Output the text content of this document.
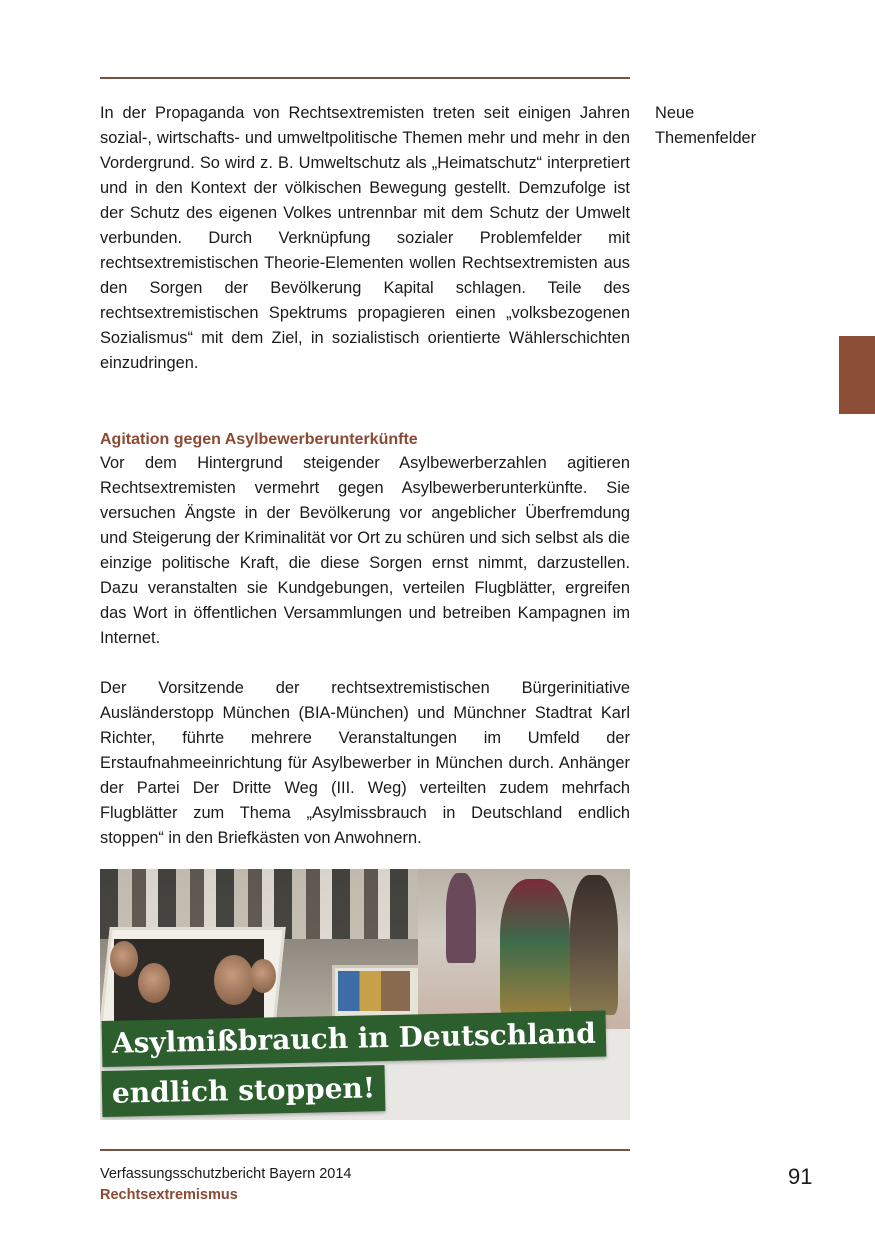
In der Propaganda von Rechtsextremisten treten seit einigen Jahren sozial-, wirtschafts- und umweltpolitische Themen mehr und mehr in den Vordergrund. So wird z. B. Umweltschutz als „Heimatschutz“ interpretiert und in den Kontext der völkischen Bewegung gestellt. Demzufolge ist der Schutz des eigenen Volkes untrennbar mit dem Schutz der Umwelt verbunden. Durch Verknüpfung sozialer Problemfelder mit rechtsextremistischen Theorie-Elementen wollen Rechtsextremisten aus den Sorgen der Bevölkerung Kapital schlagen. Teile des rechtsextremistischen Spektrums propagieren einen „volksbezogenen Sozialismus“ mit dem Ziel, in sozialistisch orientierte Wählerschichten einzudringen.

Neue
Themenfelder
Agitation gegen Asylbewerberunterkünfte

Vor dem Hintergrund steigender Asylbewerberzahlen agitieren Rechtsextremisten vermehrt gegen Asylbewerberunterkünfte. Sie versuchen Ängste in der Bevölkerung vor angeblicher Überfremdung und Steigerung der Kriminalität vor Ort zu schüren und sich selbst als die einzige politische Kraft, die diese Sorgen ernst nimmt, darzustellen. Dazu veranstalten sie Kundgebungen, verteilen Flugblätter, ergreifen das Wort in öffentlichen Versammlungen und betreiben Kampagnen im Internet.

Der Vorsitzende der rechtsextremistischen Bürgerinitiative Ausländerstopp München (BIA-München) und Münchner Stadtrat Karl Richter, führte mehrere Veranstaltungen im Umfeld der Erstaufnahmeeinrichtung für Asylbewerber in München durch. Anhänger der Partei Der Dritte Weg (III. Weg) verteilten zudem mehrfach Flugblätter zum Thema „Asylmissbrauch in Deutschland endlich stoppen“ in den Briefkästen von Anwohnern.

Asylmißbrauch in Deutschland
endlich stoppen!

Verfassungsschutzbericht Bayern 2014

Rechtsextremismus

91
